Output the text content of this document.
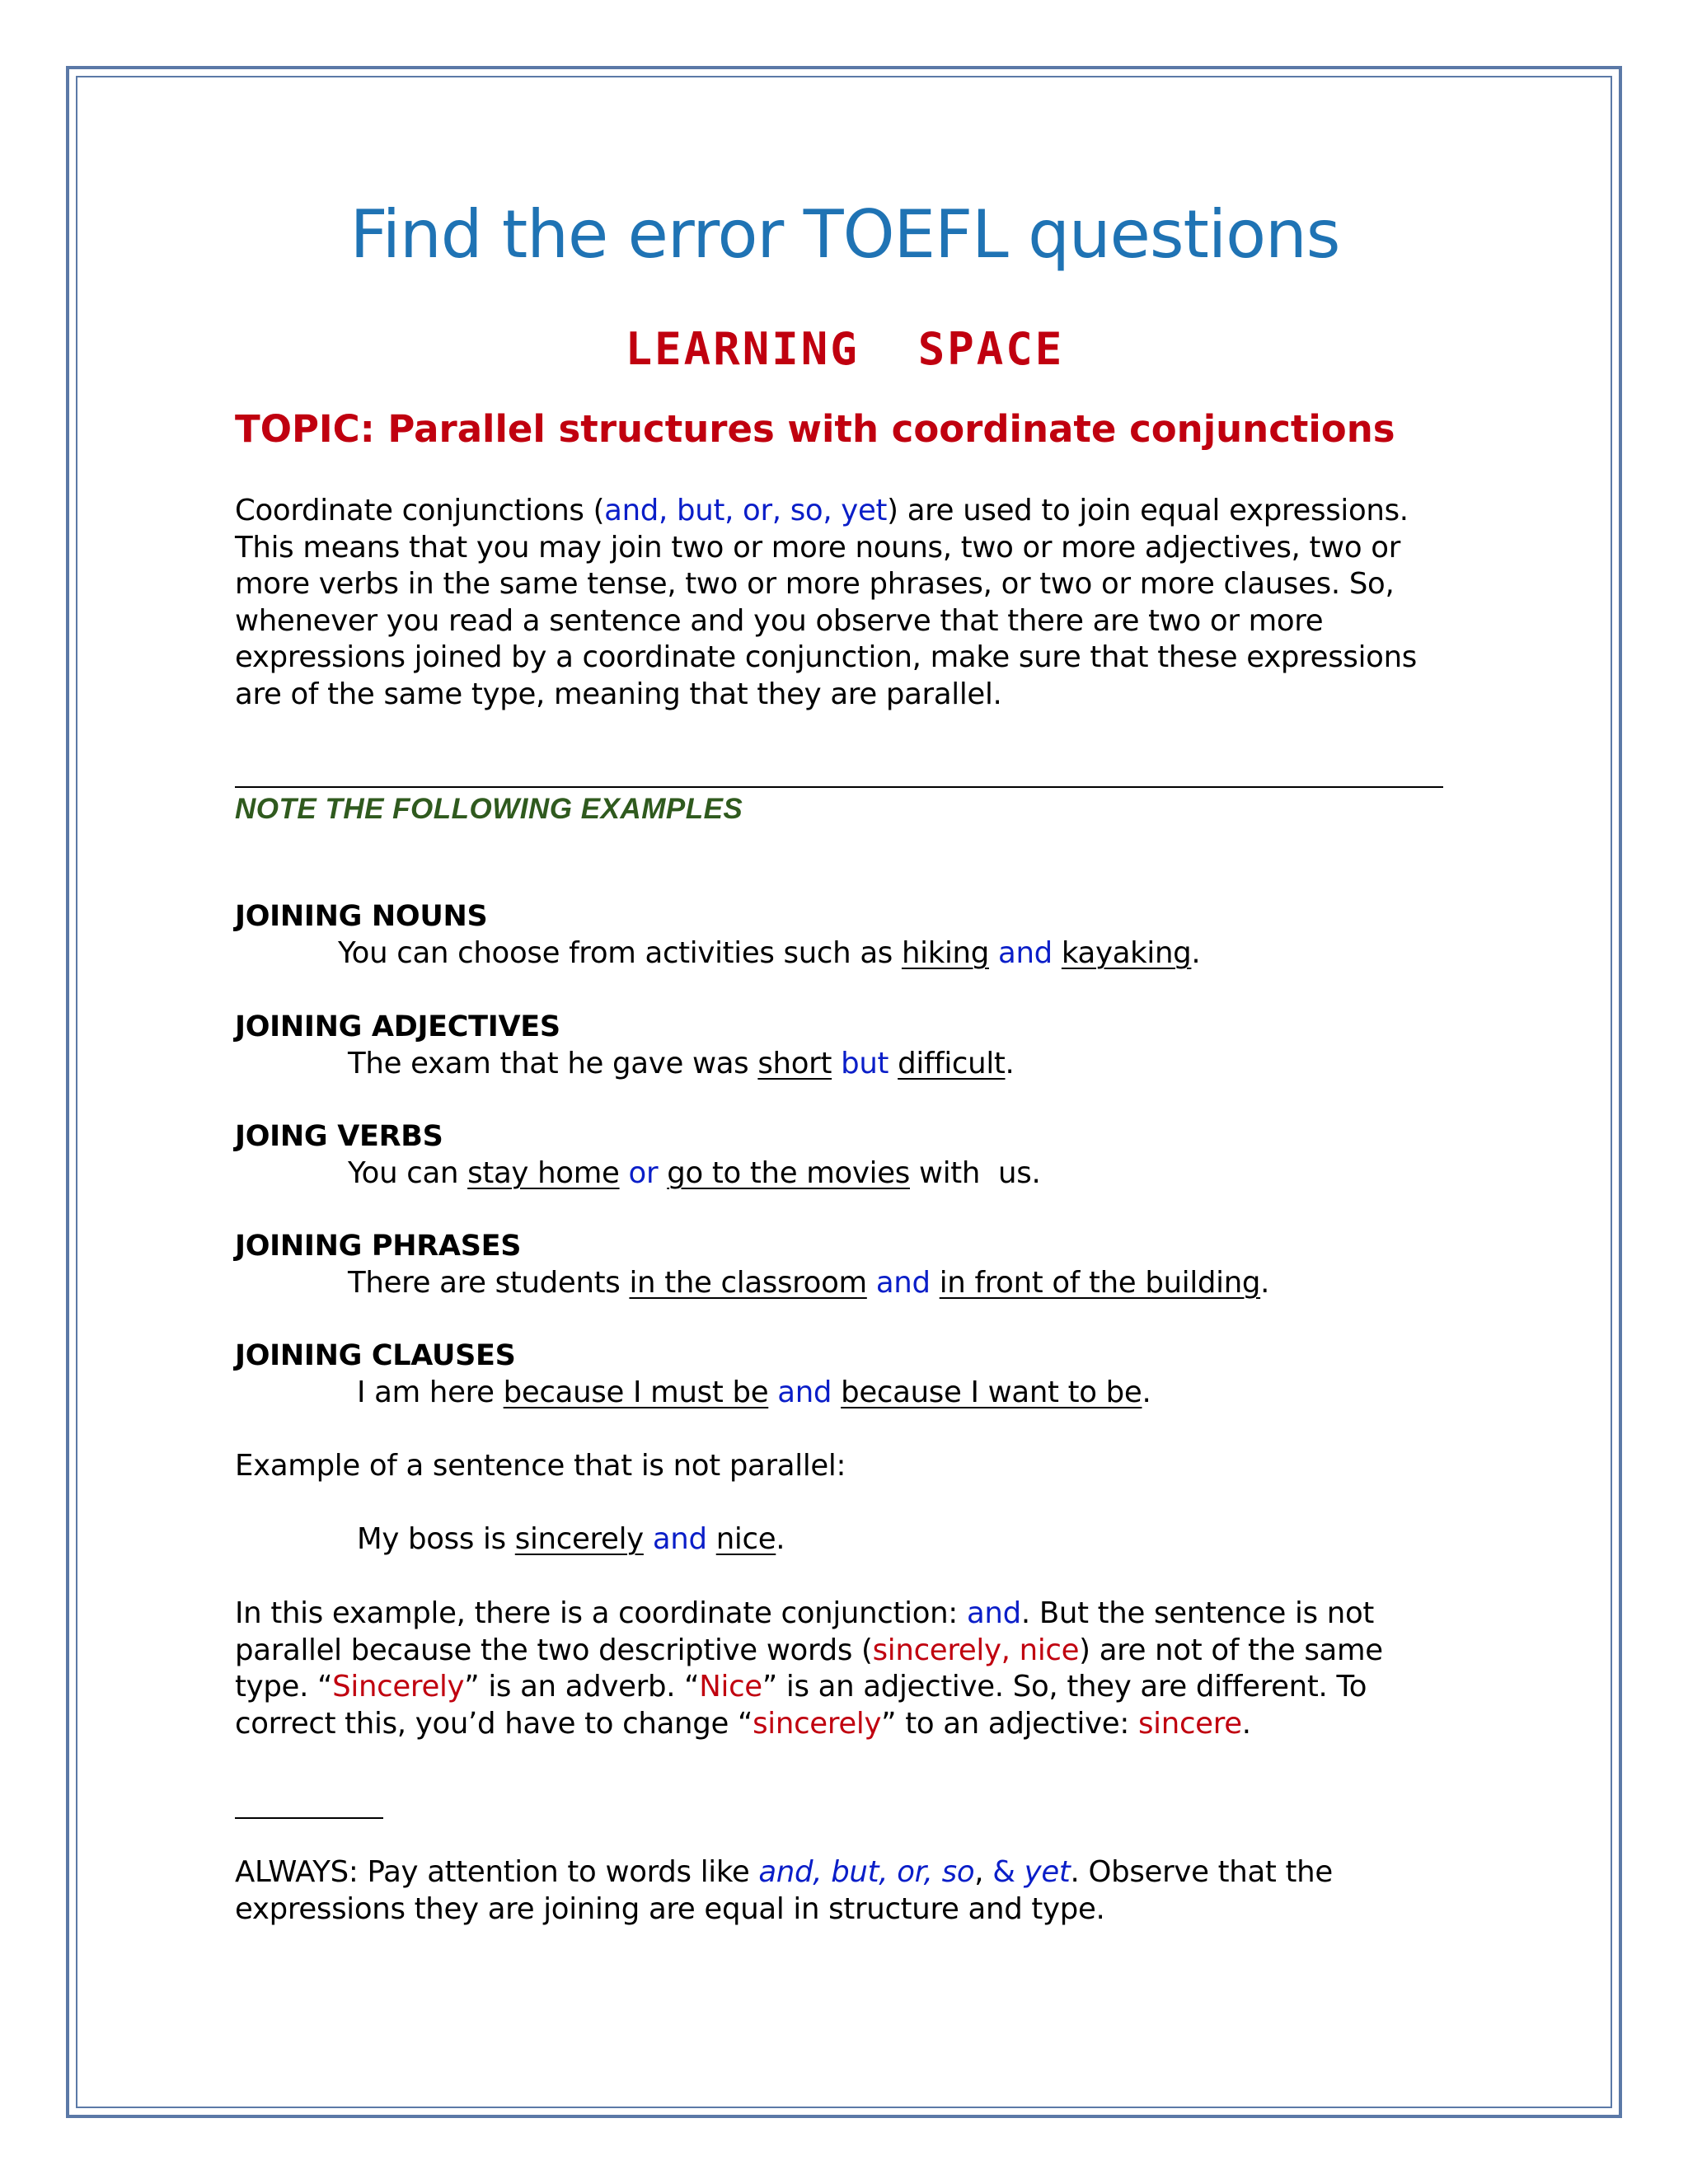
Find the error TOEFL questions
LEARNING  SPACE
TOPIC: Parallel structures with coordinate conjunctions

Coordinate conjunctions (and, but, or, so, yet) are used to join equal expressions. This means that you may join two or more nouns, two or more adjectives, two or more verbs in the same tense, two or more phrases, or two or more clauses. So, whenever you read a sentence and you observe that there are two or more expressions joined by a coordinate conjunction, make sure that these expressions are of the same type, meaning that they are parallel.

NOTE THE FOLLOWING EXAMPLES

JOINING NOUNS

You can choose from activities such as hiking and kayaking.

JOINING ADJECTIVES

The exam that he gave was short but difficult.

JOING VERBS

You can stay home or go to the movies with  us.

JOINING PHRASES

There are students in the classroom and in front of the building.

JOINING CLAUSES

I am here because I must be and because I want to be.

Example of a sentence that is not parallel:

My boss is sincerely and nice.

In this example, there is a coordinate conjunction: and. But the sentence is not parallel because the two descriptive words (sincerely, nice) are not of the same type. “Sincerely” is an adverb. “Nice” is an adjective. So, they are different. To correct this, you’d have to change “sincerely” to an adjective: sincere.

ALWAYS: Pay attention to words like and, but, or, so, & yet. Observe that the expressions they are joining are equal in structure and type.
